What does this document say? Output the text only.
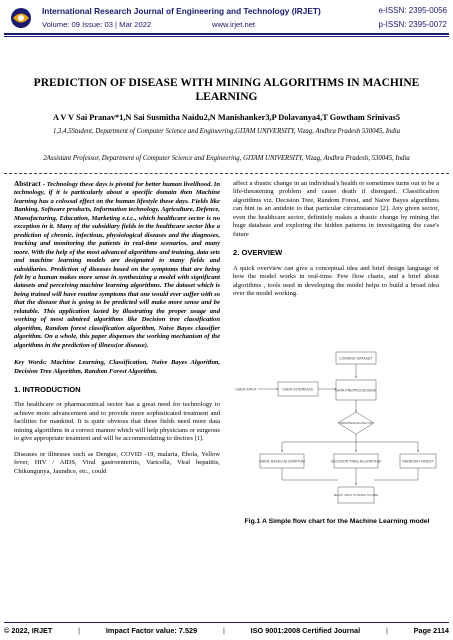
International Research Journal of Engineering and Technology (IRJET)	e-ISSN: 2395-0056
Volume: 09 Issue: 03 | Mar 2022	www.irjet.net	p-ISSN: 2395-0072
PREDICTION OF DISEASE WITH MINING ALGORITHMS IN MACHINE LEARNING
A V V Sai Pranav*1,N Sai Susmitha Naidu2,N Manishanker3,P Dolavanya4,T Gowtham Srinivas5
1,3,4,5Student, Department of Computer Science and Engineering,GITAM UNIVERSITY, Vizag, Andhra Pradesh 530045, India
2Assistant Professor, Department of Computer Science and Engineering, GITAM UNIVERSITY, Vizag, Andhra Pradesh, 530045, India
Abstract - Technology these days is pivotal for better human livelihood. In technology, if it is particularly about a specific domain then Machine learning has a colossal effect on the human lifestyle these days. Fields like Banking, Software products, Information technology, Agriculture, Defence, Manufacturing, Education, Marketing e.t.c., which healthcare sector is no exception in it. Many of the subsidiary fields in the healthcare sector like a prediction of chronic, infectious, physiological diseases and the diagnoses, tracking and monitoring the patients in real-time scenarios, and many more. With the help of the most advanced algorithms and training, data sets and machine learning models are designated to many fields and subsidiaries. Prediction of diseases based on the symptoms that are being felt by a human makes more sense in synthesizing a model with significant datasets and perceiving machine learning algorithms. The dataset which is being trained will have routine symptoms that one would ever suffer with so that the disease that is going to be predicted will make more sense and be relatable. This application lasted by illustrating the proper usage and working of most admired algorithms like Decision tree classification algorithm, Random forest classification algorithm, Naive Bayes classifier algorithm. On a whole, this paper dispenses the working mechanism of the algorithms in the prediction of illness(or disease).
Key Words: Machine Learning, Classification, Naive Bayes Algorithm, Decision Tree Algorithm, Random Forest Algorithm.
1. INTRODUCTION

The healthcare or pharmaceutical sector has a great need for technology to achieve more advancement and to provide more sophisticated treatment and facilities for mankind. It is quite obvious that these fields need more data mining algorithms in a correct manner which will help physicians or surgeons to give appropriate treatment and will be accommodating to doctors [1].

Diseases or illnesses such as Dengue, COVID -19, malaria, Ebola, Yellow fever, HIV / AIDS, Viral gastroenteritis, Varicella, Viral hepatitis, Chikungunya, Jaundice, etc., could

affect a drastic change in an individual's health or sometimes turns out to be a life-threatening problem and cause death if disregard. Classification algorithms viz. Decision Tree, Random Forest, and Naive Bayes algorithms can hint us an antidote to that particular circumstance [2]. Any given sector, even the healthcare sector, definitely makes a drastic change by mining the huge database and exploring the hidden patterns in investigating the case's future

2. OVERVIEW

A quick overview can give a conceptual idea and brief design language of how the model works in real-time. Few flow charts, and a brief about algorithms , tools used in developing the model helps to build a broad idea over the model working.

LOADING DATASET
USER INPUT	USER INTERFACE	DATA PREPROCESSING
PERFORMANCE ANALYSIS
NAIVE BAYES ALGORITHM	DECISION TREE ALGORITHM	RANDOM FOREST
RESULT (INPUT IS SHOWN TO USER)
Fig.1 A Simple flow chart for the Machine Learning model
© 2022, IRJET	|	Impact Factor value: 7.529	|	ISO 9001:2008 Certified Journal	|	Page 2114
